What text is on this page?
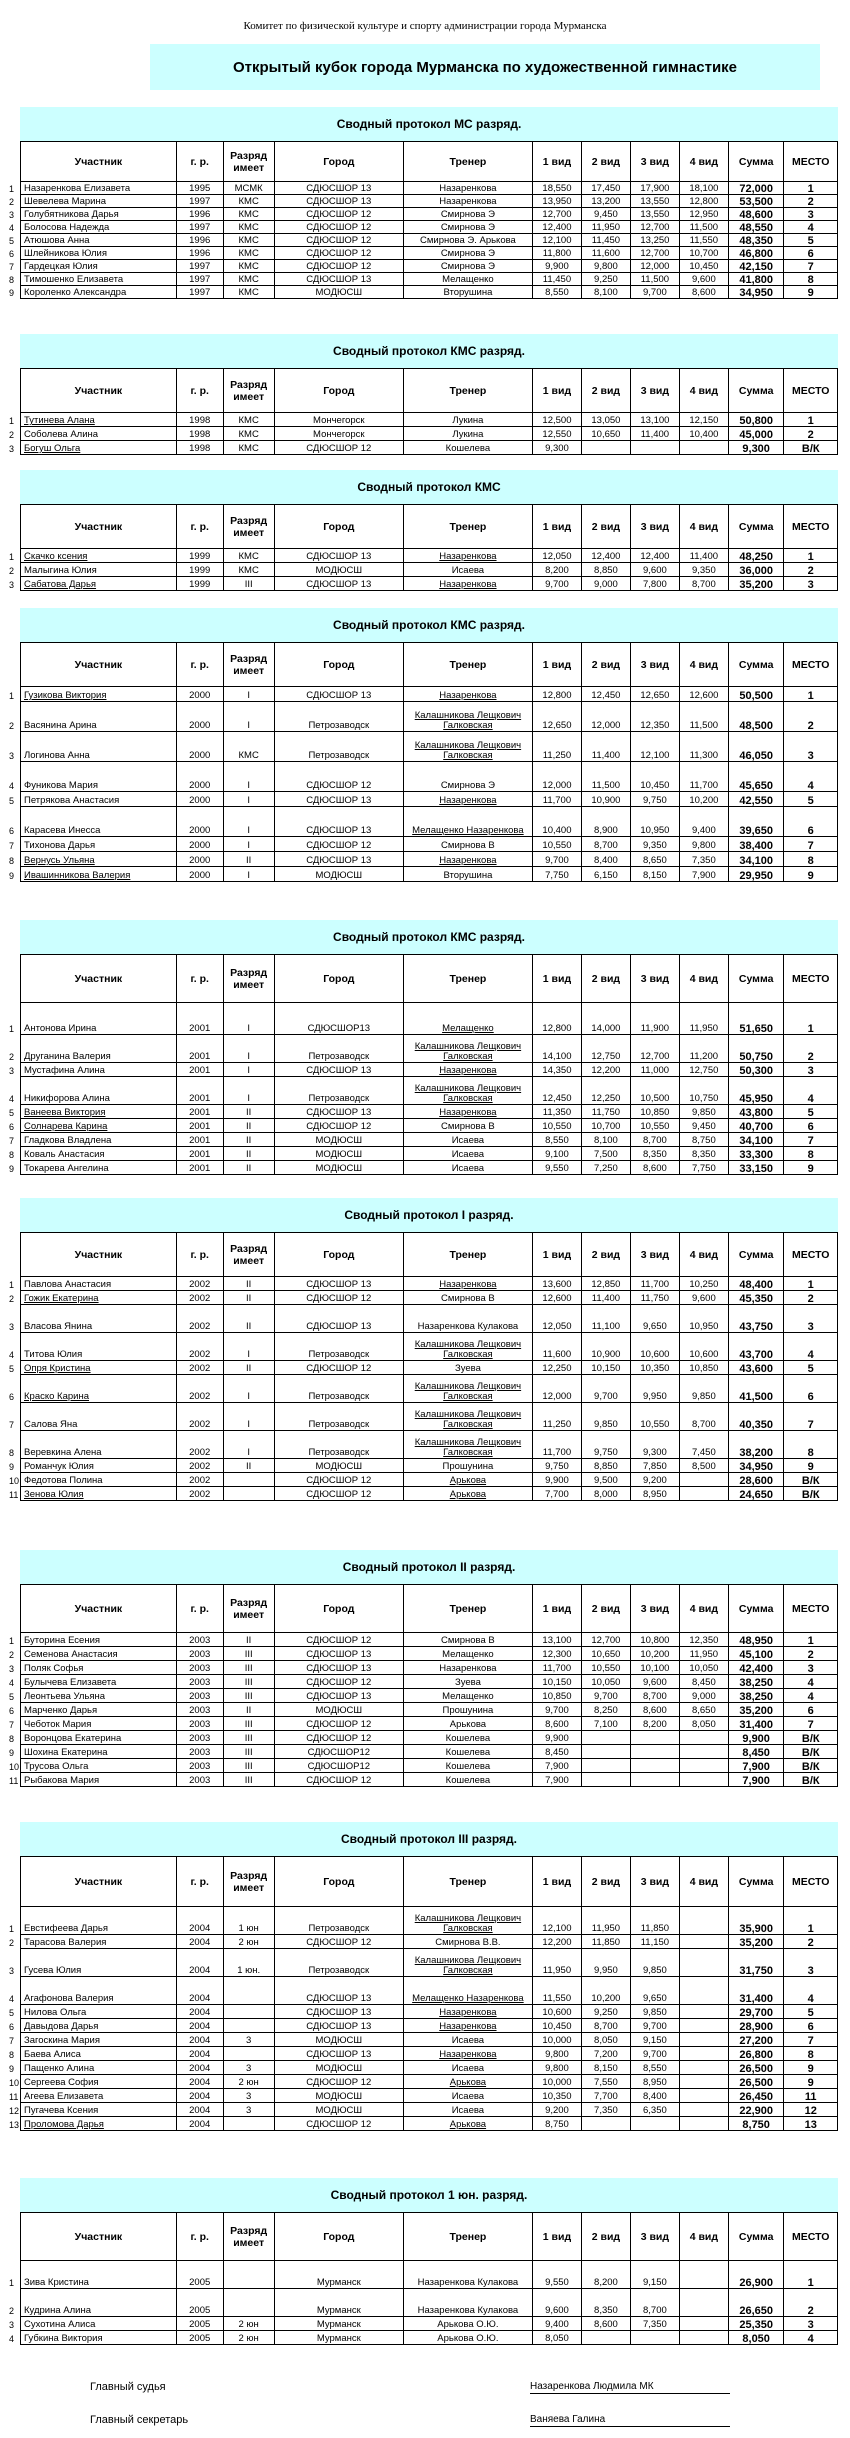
Комитет по физической культуре и спорту администрации города Мурманска
Открытый кубок города Мурманска по художественной гимнастике
Сводный протокол МС разряд.
1
2
3
4
5
6
7
8
9
Участник	г. р.	Разряд имеет	Город	Тренер	1 вид	2 вид	3 вид	4 вид	Сумма	МЕСТО
Назаренкова Елизавета	1995	МСМК	СДЮСШОР 13	Назаренкова	18,550	17,450	17,900	18,100	72,000	1
Шевелева Марина	1997	КМС	СДЮСШОР 13	Назаренкова	13,950	13,200	13,550	12,800	53,500	2
Голубятникова Дарья	1996	КМС	СДЮСШОР 12	Смирнова Э	12,700	9,450	13,550	12,950	48,600	3
Болосова Надежда	1997	КМС	СДЮСШОР 12	Смирнова Э	12,400	11,950	12,700	11,500	48,550	4
Атюшова Анна	1996	КМС	СДЮСШОР 12	Смирнова Э. Арькова	12,100	11,450	13,250	11,550	48,350	5
Шлейникова Юлия	1996	КМС	СДЮСШОР 12	Смирнова Э	11,800	11,600	12,700	10,700	46,800	6
Гардецкая Юлия	1997	КМС	СДЮСШОР 12	Смирнова Э	9,900	9,800	12,000	10,450	42,150	7
Тимошенко Елизавета	1997	КМС	СДЮСШОР 13	Мелащенко	11,450	9,250	11,500	9,600	41,800	8
Короленко Александра	1997	КМС	МОДЮСШ	Вторушина	8,550	8,100	9,700	8,600	34,950	9
Сводный протокол КМС разряд.
1
2
3
Участник	г. р.	Разряд имеет	Город	Тренер	1 вид	2 вид	3 вид	4 вид	Сумма	МЕСТО
Тутинева Алана	1998	КМС	Мончегорск	Лукина	12,500	13,050	13,100	12,150	50,800	1
Соболева Алина	1998	КМС	Мончегорск	Лукина	12,550	10,650	11,400	10,400	45,000	2
Богуш Ольга	1998	КМС	СДЮСШОР 12	Кошелева	9,300				9,300	В/К
Сводный протокол КМС
1
2
3
Участник	г. р.	Разряд имеет	Город	Тренер	1 вид	2 вид	3 вид	4 вид	Сумма	МЕСТО
Скачко ксения	1999	КМС	СДЮСШОР 13	Назаренкова	12,050	12,400	12,400	11,400	48,250	1
Малыгина Юлия	1999	КМС	МОДЮСШ	Исаева	8,200	8,850	9,600	9,350	36,000	2
Сабатова Дарья	1999	III	СДЮСШОР 13	Назаренкова	9,700	9,000	7,800	8,700	35,200	3
Сводный протокол КМС разряд.
1
2
3
4
5
6
7
8
9
Участник	г. р.	Разряд имеет	Город	Тренер	1 вид	2 вид	3 вид	4 вид	Сумма	МЕСТО
Гузикова Виктория	2000	I	СДЮСШОР 13	Назаренкова	12,800	12,450	12,650	12,600	50,500	1
Васянина Арина	2000	I	Петрозаводск	Калашникова Лещкович Галковская	12,650	12,000	12,350	11,500	48,500	2
Логинова Анна	2000	КМС	Петрозаводск	Калашникова Лещкович Галковская	11,250	11,400	12,100	11,300	46,050	3
Фуникова Мария	2000	I	СДЮСШОР 12	Смирнова Э	12,000	11,500	10,450	11,700	45,650	4
Петрякова Анастасия	2000	I	СДЮСШОР 13	Назаренкова	11,700	10,900	9,750	10,200	42,550	5
Карасева Инесса	2000	I	СДЮСШОР 13	Мелащенко Назаренкова	10,400	8,900	10,950	9,400	39,650	6
Тихонова Дарья	2000	I	СДЮСШОР 12	Смирнова В	10,550	8,700	9,350	9,800	38,400	7
Вернусь Ульяна	2000	II	СДЮСШОР 13	Назаренкова	9,700	8,400	8,650	7,350	34,100	8
Ивашинникова Валерия	2000	I	МОДЮСШ	Вторушина	7,750	6,150	8,150	7,900	29,950	9
Сводный протокол КМС разряд.
1
2
3
4
5
6
7
8
9
Участник	г. р.	Разряд имеет	Город	Тренер	1 вид	2 вид	3 вид	4 вид	Сумма	МЕСТО
Антонова Ирина	2001	I	СДЮСШОР13	Мелащенко	12,800	14,000	11,900	11,950	51,650	1
Друганина Валерия	2001	I	Петрозаводск	Калашникова Лещкович Галковская	14,100	12,750	12,700	11,200	50,750	2
Мустафина Алина	2001	I	СДЮСШОР 13	Назаренкова	14,350	12,200	11,000	12,750	50,300	3
Никифорова Алина	2001	I	Петрозаводск	Калашникова Лещкович Галковская	12,450	12,250	10,500	10,750	45,950	4
Ванеева Виктория	2001	II	СДЮСШОР 13	Назаренкова	11,350	11,750	10,850	9,850	43,800	5
Солнарева Карина	2001	II	СДЮСШОР 12	Смирнова В	10,550	10,700	10,550	9,450	40,700	6
Гладкова Владлена	2001	II	МОДЮСШ	Исаева	8,550	8,100	8,700	8,750	34,100	7
Коваль Анастасия	2001	II	МОДЮСШ	Исаева	9,100	7,500	8,350	8,350	33,300	8
Токарева Ангелина	2001	II	МОДЮСШ	Исаева	9,550	7,250	8,600	7,750	33,150	9
Сводный протокол I разряд.
1
2
3
4
5
6
7
8
9
10
11
Участник	г. р.	Разряд имеет	Город	Тренер	1 вид	2 вид	3 вид	4 вид	Сумма	МЕСТО
Павлова Анастасия	2002	II	СДЮСШОР 13	Назаренкова	13,600	12,850	11,700	10,250	48,400	1
Гожик Екатерина	2002	II	СДЮСШОР 12	Смирнова В	12,600	11,400	11,750	9,600	45,350	2
Власова Янина	2002	II	СДЮСШОР 13	Назаренкова Кулакова	12,050	11,100	9,650	10,950	43,750	3
Титова Юлия	2002	I	Петрозаводск	Калашникова Лещкович Галковская	11,600	10,900	10,600	10,600	43,700	4
Опря Кристина	2002	II	СДЮСШОР 12	Зуева	12,250	10,150	10,350	10,850	43,600	5
Краско Карина	2002	I	Петрозаводск	Калашникова Лещкович Галковская	12,000	9,700	9,950	9,850	41,500	6
Салова Яна	2002	I	Петрозаводск	Калашникова Лещкович Галковская	11,250	9,850	10,550	8,700	40,350	7
Веревкина Алена	2002	I	Петрозаводск	Калашникова Лещкович Галковская	11,700	9,750	9,300	7,450	38,200	8
Романчук Юлия	2002	II	МОДЮСШ	Прошунина	9,750	8,850	7,850	8,500	34,950	9
Федотова Полина	2002		СДЮСШОР 12	Арькова	9,900	9,500	9,200		28,600	В/К
Зенова Юлия	2002		СДЮСШОР 12	Арькова	7,700	8,000	8,950		24,650	В/К
Сводный протокол II разряд.
1
2
3
4
5
6
7
8
9
10
11
Участник	г. р.	Разряд имеет	Город	Тренер	1 вид	2 вид	3 вид	4 вид	Сумма	МЕСТО
Буторина Есения	2003	II	СДЮСШОР 12	Смирнова В	13,100	12,700	10,800	12,350	48,950	1
Семенова Анастасия	2003	III	СДЮСШОР 13	Мелащенко	12,300	10,650	10,200	11,950	45,100	2
Поляк Софья	2003	III	СДЮСШОР 13	Назаренкова	11,700	10,550	10,100	10,050	42,400	3
Булычева Елизавета	2003	III	СДЮСШОР 12	Зуева	10,150	10,050	9,600	8,450	38,250	4
Леонтьева Ульяна	2003	III	СДЮСШОР 13	Мелащенко	10,850	9,700	8,700	9,000	38,250	4
Марченко Дарья	2003	II	МОДЮСШ	Прошунина	9,700	8,250	8,600	8,650	35,200	6
Чеботок Мария	2003	III	СДЮСШОР 12	Арькова	8,600	7,100	8,200	8,050	31,400	7
Воронцова Екатерина	2003	III	СДЮСШОР 12	Кошелева	9,900				9,900	В/К
Шохина Екатерина	2003	III	СДЮСШОР12	Кошелева	8,450				8,450	В/К
Трусова Ольга	2003	III	СДЮСШОР12	Кошелева	7,900				7,900	В/К
Рыбакова Мария	2003	III	СДЮСШОР 12	Кошелева	7,900				7,900	В/К
Сводный протокол III разряд.
1
2
3
4
5
6
7
8
9
10
11
12
13
Участник	г. р.	Разряд имеет	Город	Тренер	1 вид	2 вид	3 вид	4 вид	Сумма	МЕСТО
Евстифеева Дарья	2004	1 юн	Петрозаводск	Калашникова Лещкович Галковская	12,100	11,950	11,850		35,900	1
Тарасова Валерия	2004	2 юн	СДЮСШОР 12	Смирнова В.В.	12,200	11,850	11,150		35,200	2
Гусева Юлия	2004	1 юн.	Петрозаводск	Калашникова Лещкович Галковская	11,950	9,950	9,850		31,750	3
Агафонова Валерия	2004		СДЮСШОР 13	Мелащенко Назаренкова	11,550	10,200	9,650		31,400	4
Нилова Ольга	2004		СДЮСШОР 13	Назаренкова	10,600	9,250	9,850		29,700	5
Давыдова Дарья	2004		СДЮСШОР 13	Назаренкова	10,450	8,700	9,700		28,900	6
Загоскина Мария	2004	3	МОДЮСШ	Исаева	10,000	8,050	9,150		27,200	7
Баева Алиса	2004		СДЮСШОР 13	Назаренкова	9,800	7,200	9,700		26,800	8
Пащенко Алина	2004	3	МОДЮСШ	Исаева	9,800	8,150	8,550		26,500	9
Сергеева София	2004	2 юн	СДЮСШОР 12	Арькова	10,000	7,550	8,950		26,500	9
Агеева Елизавета	2004	3	МОДЮСШ	Исаева	10,350	7,700	8,400		26,450	11
Пугачева Ксения	2004	3	МОДЮСШ	Исаева	9,200	7,350	6,350		22,900	12
Проломова Дарья	2004		СДЮСШОР 12	Арькова	8,750				8,750	13
Сводный протокол 1 юн. разряд.
1
2
3
4
Участник	г. р.	Разряд имеет	Город	Тренер	1 вид	2 вид	3 вид	4 вид	Сумма	МЕСТО
Зива Кристина	2005		Мурманск	Назаренкова Кулакова	9,550	8,200	9,150		26,900	1
Кудрина Алина	2005		Мурманск	Назаренкова Кулакова	9,600	8,350	8,700		26,650	2
Сухотина Алиса	2005	2 юн	Мурманск	Арькова О.Ю.	9,400	8,600	7,350		25,350	3
Губкина Виктория	2005	2 юн	Мурманск	Арькова О.Ю.	8,050				8,050	4
Главный судья	Назаренкова Людмила МК
Главный секретарь	Ваняева Галина
